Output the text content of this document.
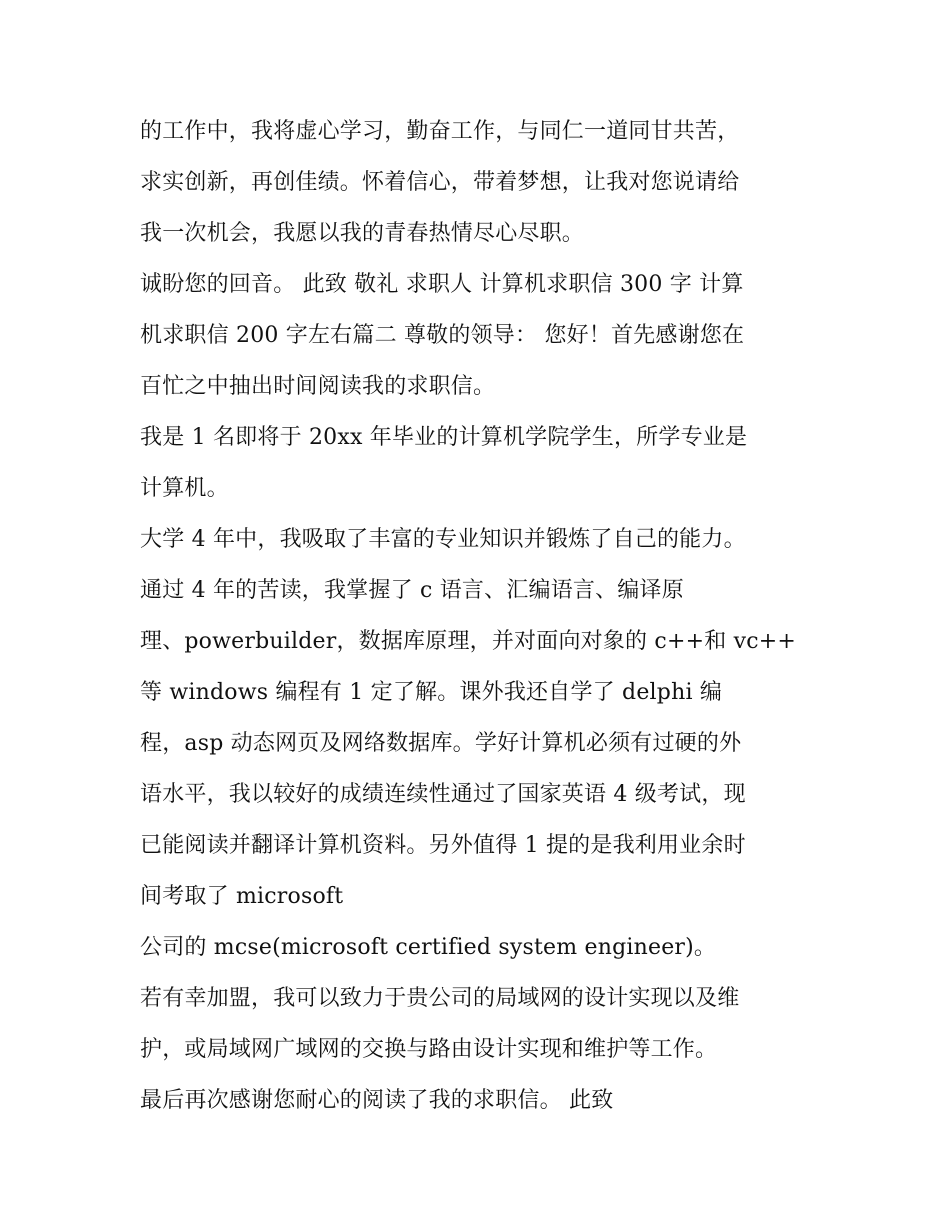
的工作中，我将虚心学习，勤奋工作，与同仁一道同甘共苦，
求实创新，再创佳绩。怀着信心，带着梦想，让我对您说请给
我一次机会，我愿以我的青春热情尽心尽职。
诚盼您的回音。 此致 敬礼 求职人 计算机求职信 300 字 计算
机求职信 200 字左右篇二 尊敬的领导： 您好！首先感谢您在
百忙之中抽出时间阅读我的求职信。
我是 1 名即将于 20xx 年毕业的计算机学院学生，所学专业是
计算机。
大学 4 年中，我吸取了丰富的专业知识并锻炼了自己的能力。
通过 4 年的苦读，我掌握了 c 语言、汇编语言、编译原
理、powerbuilder，数据库原理，并对面向对象的 c++和 vc++
等 windows 编程有 1 定了解。课外我还自学了 delphi 编
程，asp 动态网页及网络数据库。学好计算机必须有过硬的外
语水平，我以较好的成绩连续性通过了国家英语 4 级考试，现
已能阅读并翻译计算机资料。另外值得 1 提的是我利用业余时
间考取了 microsoft
公司的 mcse(microsoft certified system engineer)。
若有幸加盟，我可以致力于贵公司的局域网的设计实现以及维
护，或局域网广域网的交换与路由设计实现和维护等工作。
最后再次感谢您耐心的阅读了我的求职信。 此致
